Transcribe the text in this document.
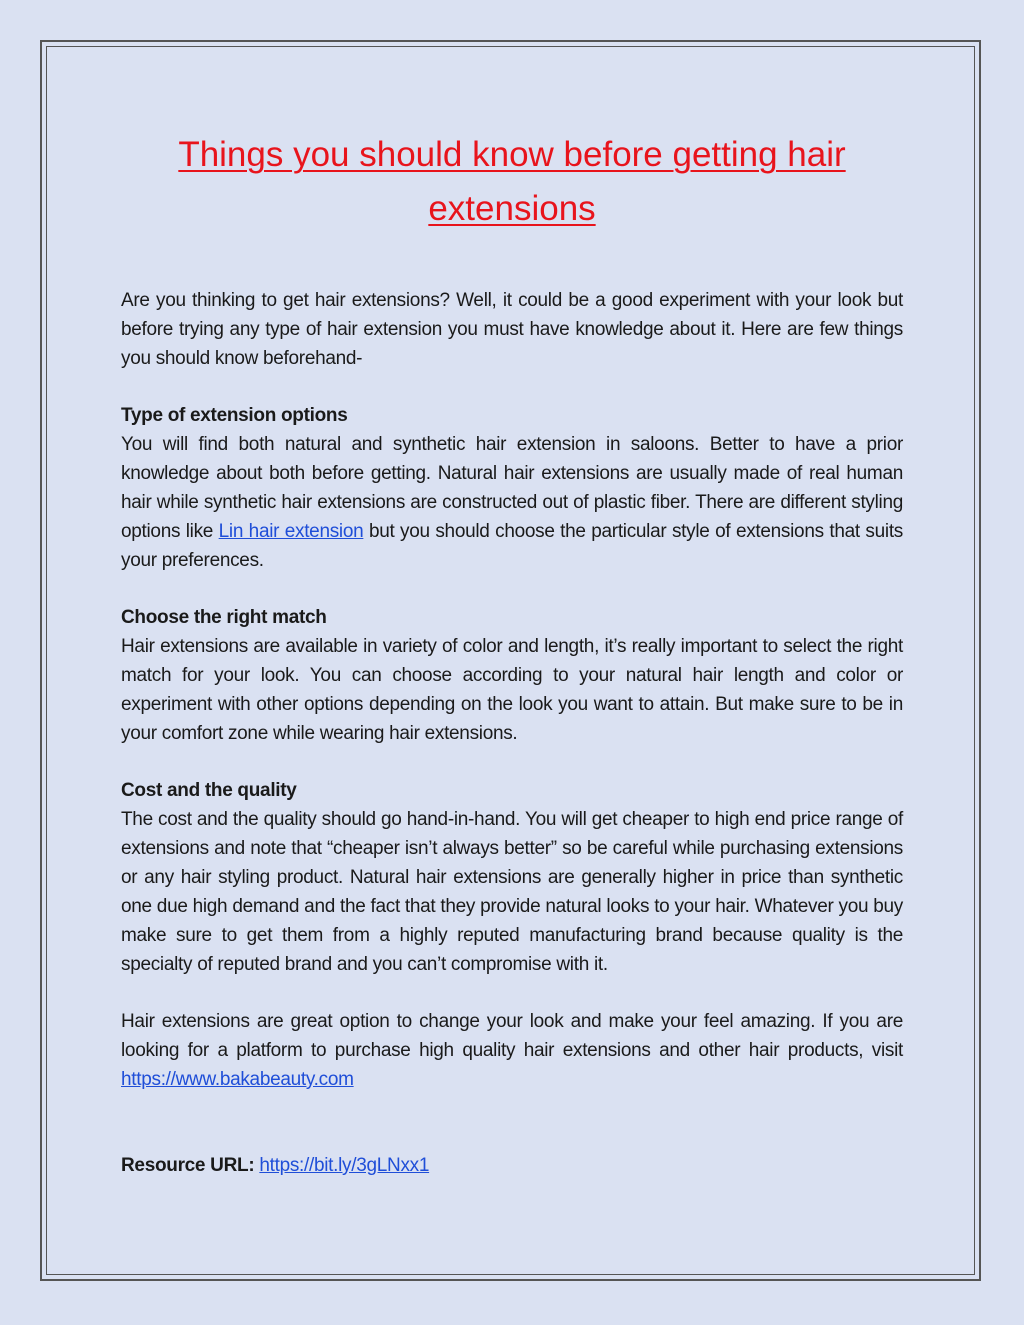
Things you should know before getting hair extensions

Are you thinking to get hair extensions? Well, it could be a good experiment with your look but before trying any type of hair extension you must have knowledge about it. Here are few things you should know beforehand-

Type of extension options

You will find both natural and synthetic hair extension in saloons. Better to have a prior knowledge about both before getting. Natural hair extensions are usually made of real human hair while synthetic hair extensions are constructed out of plastic fiber. There are different styling options like Lin hair extension but you should choose the particular style of extensions that suits your preferences.

Choose the right match

Hair extensions are available in variety of color and length, it’s really important to select the right match for your look. You can choose according to your natural hair length and color or experiment with other options depending on the look you want to attain. But make sure to be in your comfort zone while wearing hair extensions.

Cost and the quality

The cost and the quality should go hand-in-hand. You will get cheaper to high end price range of extensions and note that “cheaper isn’t always better” so be careful while purchasing extensions or any hair styling product. Natural hair extensions are generally higher in price than synthetic one due high demand and the fact that they provide natural looks to your hair. Whatever you buy make sure to get them from a highly reputed manufacturing brand because quality is the specialty of reputed brand and you can’t compromise with it.

Hair extensions are great option to change your look and make your feel amazing. If you are looking for a platform to purchase high quality hair extensions and other hair products, visit https://www.bakabeauty.com

Resource URL: https://bit.ly/3gLNxx1
